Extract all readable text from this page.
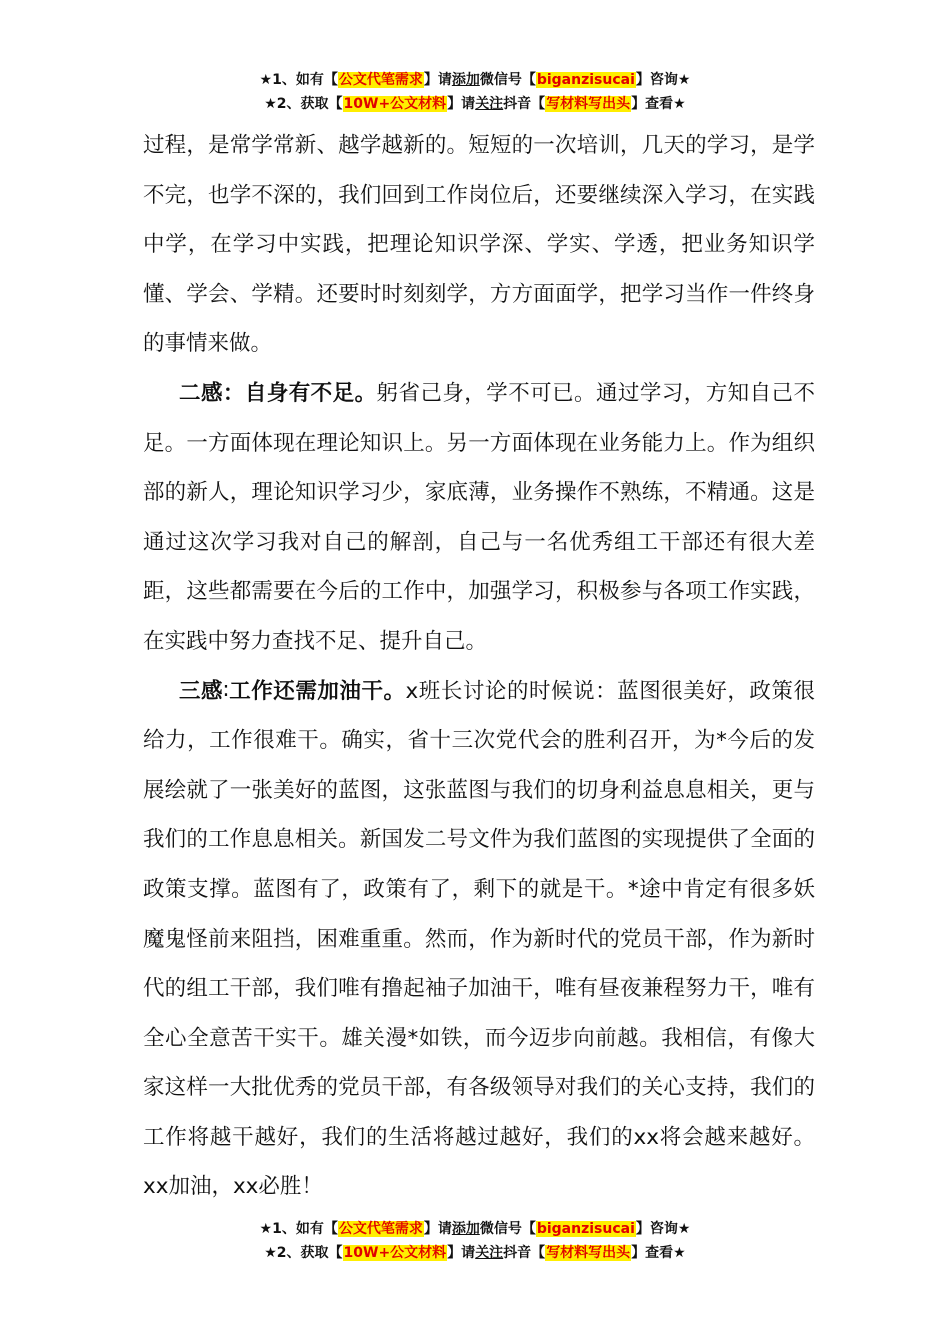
★1、如有【公文代笔需求】请添加微信号【biganzisucai】咨询★
★2、获取【10W+公文材料】请关注抖音【写材料写出头】查看★

过程，是常学常新、越学越新的。短短的一次培训，几天的学习，是学不完，也学不深的，我们回到工作岗位后，还要继续深入学习，在实践中学，在学习中实践，把理论知识学深、学实、学透，把业务知识学懂、学会、学精。还要时时刻刻学，方方面面学，把学习当作一件终身的事情来做。

二感：自身有不足。躬省己身，学不可已。通过学习，方知自己不足。一方面体现在理论知识上。另一方面体现在业务能力上。作为组织部的新人，理论知识学习少，家底薄，业务操作不熟练，不精通。这是通过这次学习我对自己的解剖，自己与一名优秀组工干部还有很大差距，这些都需要在今后的工作中，加强学习，积极参与各项工作实践，在实践中努力查找不足、提升自己。

三感∶工作还需加油干。x班长讨论的时候说：蓝图很美好，政策很给力，工作很难干。确实，省十三次党代会的胜利召开，为*今后的发展绘就了一张美好的蓝图，这张蓝图与我们的切身利益息息相关，更与我们的工作息息相关。新国发二号文件为我们蓝图的实现提供了全面的政策支撑。蓝图有了，政策有了，剩下的就是干。*途中肯定有很多妖魔鬼怪前来阻挡，困难重重。然而，作为新时代的党员干部，作为新时代的组工干部，我们唯有撸起袖子加油干，唯有昼夜兼程努力干，唯有全心全意苦干实干。雄关漫*如铁，而今迈步向前越。我相信，有像大家这样一大批优秀的党员干部，有各级领导对我们的关心支持，我们的工作将越干越好，我们的生活将越过越好，我们的xx将会越来越好。xx加油，xx必胜！

★1、如有【公文代笔需求】请添加微信号【biganzisucai】咨询★
★2、获取【10W+公文材料】请关注抖音【写材料写出头】查看★
